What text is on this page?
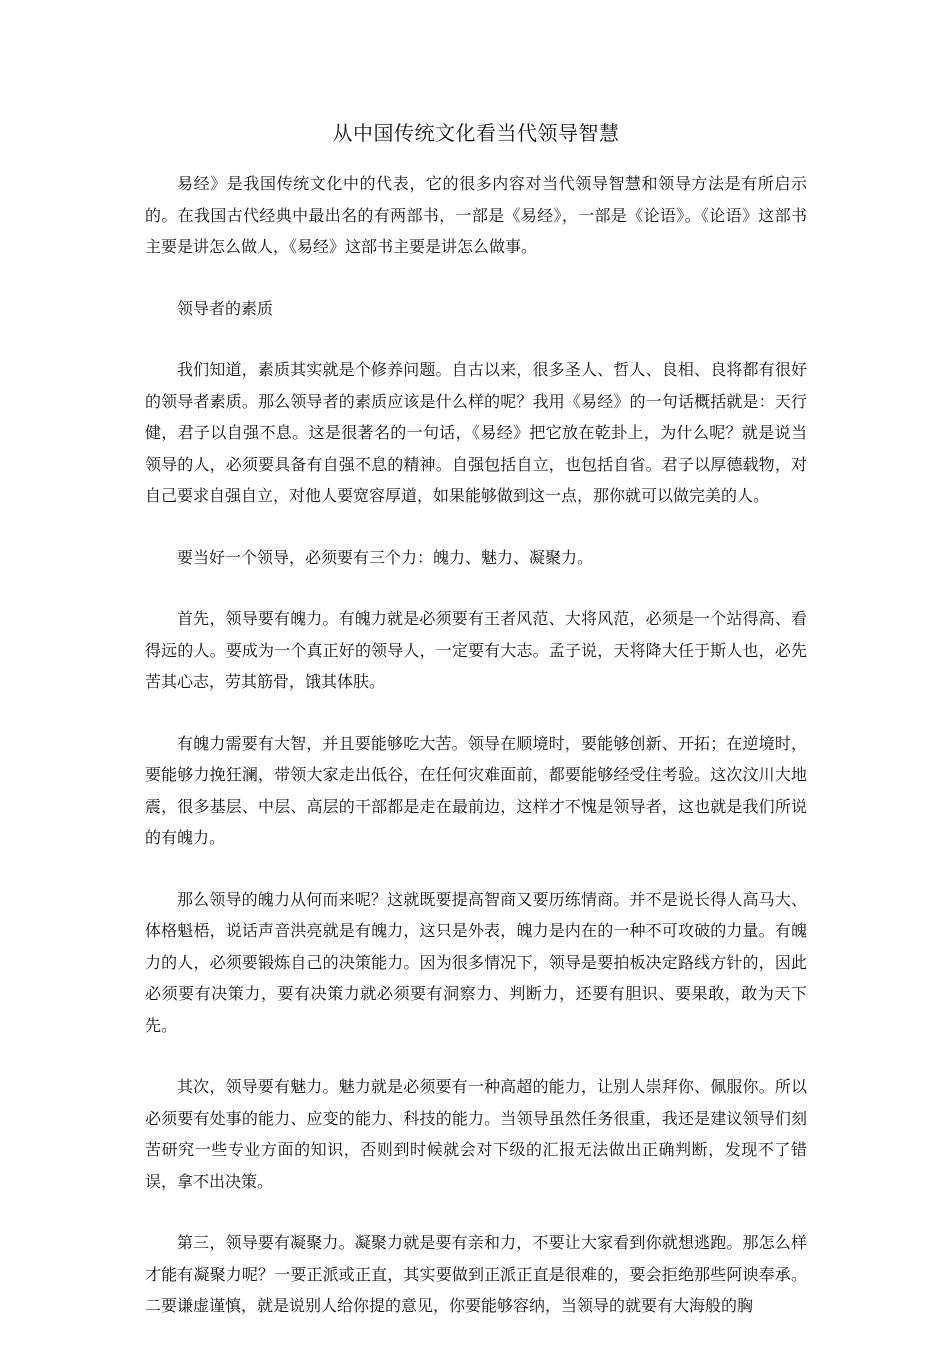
从中国传统文化看当代领导智慧

易经》是我国传统文化中的代表，它的很多内容对当代领导智慧和领导方法是有所启示的。在我国古代经典中最出名的有两部书，一部是《易经》，一部是《论语》。《论语》这部书主要是讲怎么做人，《易经》这部书主要是讲怎么做事。

领导者的素质

我们知道，素质其实就是个修养问题。自古以来，很多圣人、哲人、良相、良将都有很好的领导者素质。那么领导者的素质应该是什么样的呢？我用《易经》的一句话概括就是：天行健，君子以自强不息。这是很著名的一句话，《易经》把它放在乾卦上，为什么呢？就是说当领导的人，必须要具备有自强不息的精神。自强包括自立，也包括自省。君子以厚德载物，对自己要求自强自立，对他人要宽容厚道，如果能够做到这一点，那你就可以做完美的人。

要当好一个领导，必须要有三个力：魄力、魅力、凝聚力。

首先，领导要有魄力。有魄力就是必须要有王者风范、大将风范，必须是一个站得高、看得远的人。要成为一个真正好的领导人，一定要有大志。孟子说，天将降大任于斯人也，必先苦其心志，劳其筋骨，饿其体肤。

有魄力需要有大智，并且要能够吃大苦。领导在顺境时，要能够创新、开拓；在逆境时，要能够力挽狂澜，带领大家走出低谷，在任何灾难面前，都要能够经受住考验。这次汶川大地震，很多基层、中层、高层的干部都是走在最前边，这样才不愧是领导者，这也就是我们所说的有魄力。

那么领导的魄力从何而来呢？这就既要提高智商又要历练情商。并不是说长得人高马大、体格魁梧，说话声音洪亮就是有魄力，这只是外表，魄力是内在的一种不可攻破的力量。有魄力的人，必须要锻炼自己的决策能力。因为很多情况下，领导是要拍板决定路线方针的，因此必须要有决策力，要有决策力就必须要有洞察力、判断力，还要有胆识、要果敢，敢为天下先。

其次，领导要有魅力。魅力就是必须要有一种高超的能力，让别人崇拜你、佩服你。所以必须要有处事的能力、应变的能力、科技的能力。当领导虽然任务很重，我还是建议领导们刻苦研究一些专业方面的知识，否则到时候就会对下级的汇报无法做出正确判断，发现不了错误，拿不出决策。

第三，领导要有凝聚力。凝聚力就是要有亲和力，不要让大家看到你就想逃跑。那怎么样才能有凝聚力呢？一要正派或正直，其实要做到正派正直是很难的，要会拒绝那些阿谀奉承。二要谦虚谨慎，就是说别人给你提的意见，你要能够容纳，当领导的就要有大海般的胸
